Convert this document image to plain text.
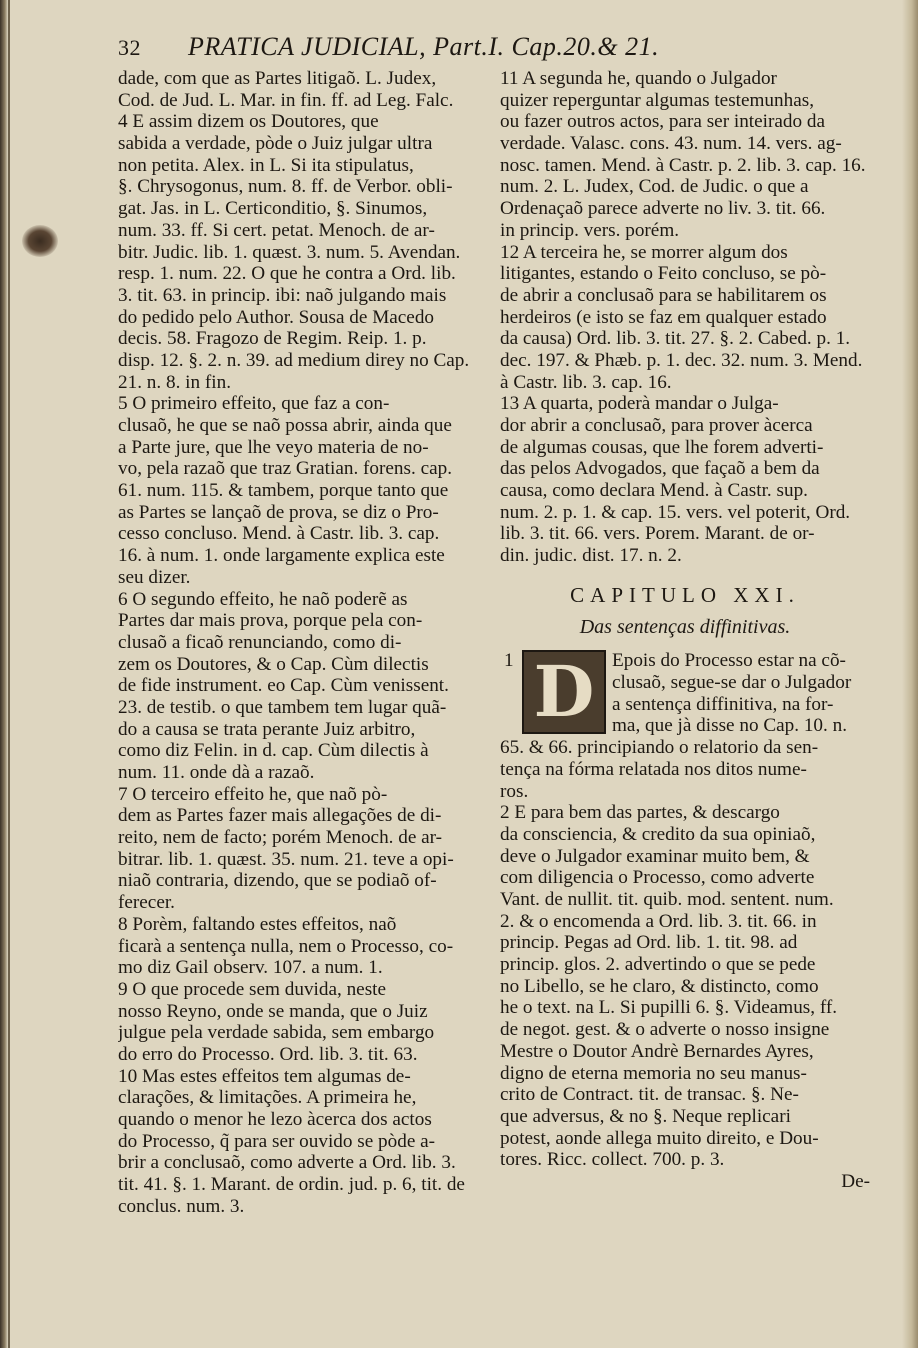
32 PRATICA JUDICIAL, Part.I. Cap.20.& 21.
dade, com que as Partes litigaõ. L. Judex,
Cod. de Jud. L. Mar. in fin. ff. ad Leg. Falc.
4 E assim dizem os Doutores, que
sabida a verdade, pòde o Juiz julgar ultra
non petita. Alex. in L. Si ita stipulatus,
§. Chrysogonus, num. 8. ff. de Verbor. obli-
gat. Jas. in L. Certiconditio, §. Sinumos,
num. 33. ff. Si cert. petat. Menoch. de ar-
bitr. Judic. lib. 1. quæst. 3. num. 5. Avendan.
resp. 1. num. 22. O que he contra a Ord. lib.
3. tit. 63. in princip. ibi: naõ julgando mais
do pedido pelo Author. Sousa de Macedo
decis. 58. Fragozo de Regim. Reip. 1. p.
disp. 12. §. 2. n. 39. ad medium direy no Cap.
21. n. 8. in fin.
5 O primeiro effeito, que faz a con-
clusaõ, he que se naõ possa abrir, ainda que
a Parte jure, que lhe veyo materia de no-
vo, pela razaõ que traz Gratian. forens. cap.
61. num. 115. & tambem, porque tanto que
as Partes se lançaõ de prova, se diz o Pro-
cesso concluso. Mend. à Castr. lib. 3. cap.
16. à num. 1. onde largamente explica este
seu dizer.
6 O segundo effeito, he naõ poderẽ as
Partes dar mais prova, porque pela con-
clusaõ a ficaõ renunciando, como di-
zem os Doutores, & o Cap. Cùm dilectis
de fide instrument. eo Cap. Cùm venissent.
23. de testib. o que tambem tem lugar quã-
do a causa se trata perante Juiz arbitro,
como diz Felin. in d. cap. Cùm dilectis à
num. 11. onde dà a razaõ.
7 O terceiro effeito he, que naõ pò-
dem as Partes fazer mais allegações de di-
reito, nem de facto; porém Menoch. de ar-
bitrar. lib. 1. quæst. 35. num. 21. teve a opi-
niaõ contraria, dizendo, que se podiaõ of-
ferecer.
8 Porèm, faltando estes effeitos, naõ
ficarà a sentença nulla, nem o Processo, co-
mo diz Gail observ. 107. a num. 1.
9 O que procede sem duvida, neste
nosso Reyno, onde se manda, que o Juiz
julgue pela verdade sabida, sem embargo
do erro do Processo. Ord. lib. 3. tit. 63.
10 Mas estes effeitos tem algumas de-
clarações, & limitações. A primeira he,
quando o menor he lezo àcerca dos actos
do Processo, q̃ para ser ouvido se pòde a-
brir a conclusaõ, como adverte a Ord. lib. 3.
tit. 41. §. 1. Marant. de ordin. jud. p. 6, tit. de
conclus. num. 3.
11 A segunda he, quando o Julgador
quizer reperguntar algumas testemunhas,
ou fazer outros actos, para ser inteirado da
verdade. Valasc. cons. 43. num. 14. vers. ag-
nosc. tamen. Mend. à Castr. p. 2. lib. 3. cap. 16.
num. 2. L. Judex, Cod. de Judic. o que a
Ordenaçaõ parece adverte no liv. 3. tit. 66.
in princip. vers. porém.
12 A terceira he, se morrer algum dos
litigantes, estando o Feito concluso, se pò-
de abrir a conclusaõ para se habilitarem os
herdeiros (e isto se faz em qualquer estado
da causa) Ord. lib. 3. tit. 27. §. 2. Cabed. p. 1.
dec. 197. & Phæb. p. 1. dec. 32. num. 3. Mend.
à Castr. lib. 3. cap. 16.
13 A quarta, poderà mandar o Julga-
dor abrir a conclusaõ, para prover àcerca
de algumas cousas, que lhe forem adverti-
das pelos Advogados, que façaõ a bem da
causa, como declara Mend. à Castr. sup.
num. 2. p. 1. & cap. 15. vers. vel poterit, Ord.
lib. 3. tit. 66. vers. Porem. Marant. de or-
din. judic. dist. 17. n. 2.
CAPITULO XXI.
Das sentenças diffinitivas.
1 D Epois do Processo estar na cõ-
clusaõ, segue-se dar o Julgador
a sentença diffinitiva, na for-
ma, que jà disse no Cap. 10. n.
65. & 66. principiando o relatorio da sen-
tença na fórma relatada nos ditos nume-
ros.
2 E para bem das partes, & descargo
da consciencia, & credito da sua opiniaõ,
deve o Julgador examinar muito bem, &
com diligencia o Processo, como adverte
Vant. de nullit. tit. quib. mod. sentent. num.
2. & o encomenda a Ord. lib. 3. tit. 66. in
princip. Pegas ad Ord. lib. 1. tit. 98. ad
princip. glos. 2. advertindo o que se pede
no Libello, se he claro, & distincto, como
he o text. na L. Si pupilli 6. §. Videamus, ff.
de negot. gest. & o adverte o nosso insigne
Mestre o Doutor Andrè Bernardes Ayres,
digno de eterna memoria no seu manus-
crito de Contract. tit. de transac. §. Ne-
que adversus, & no §. Neque replicari
potest, aonde allega muito direito, e Dou-
tores. Ricc. collect. 700. p. 3.
De-
